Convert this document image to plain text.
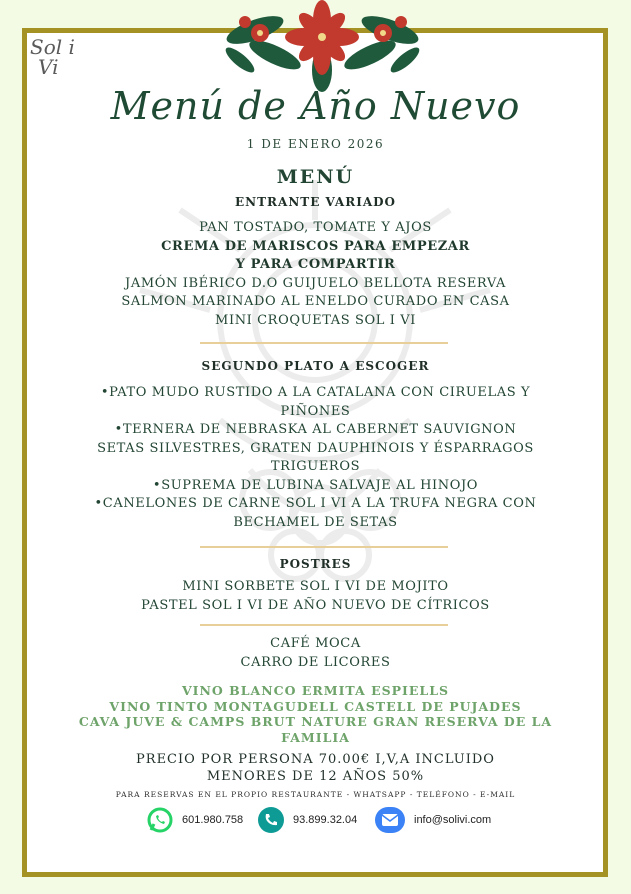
Sol i
Vi
Menú de Año Nuevo
1 DE ENERO 2026
MENÚ
ENTRANTE VARIADO
PAN TOSTADO, TOMATE Y AJOS
CREMA DE MARISCOS PARA EMPEZAR
Y PARA COMPARTIR
JAMÓN IBÉRICO D.O GUIJUELO BELLOTA RESERVA
SALMON MARINADO AL ENELDO CURADO EN CASA
MINI CROQUETAS SOL I VI
SEGUNDO PLATO A ESCOGER
•PATO MUDO RUSTIDO A LA CATALANA CON CIRUELAS Y
PIÑONES
•TERNERA DE NEBRASKA AL CABERNET SAUVIGNON
SETAS SILVESTRES, GRATEN DAUPHINOIS Y ÉSPARRAGOS
TRIGUEROS
•SUPREMA DE LUBINA SALVAJE AL HINOJO
•CANELONES DE CARNE SOL I VI A LA TRUFA NEGRA CON
BECHAMEL DE SETAS
POSTRES
MINI SORBETE SOL I VI DE MOJITO
PASTEL SOL I VI DE AÑO NUEVO DE CÍTRICOS
CAFÉ MOCA
CARRO DE LICORES
VINO BLANCO ERMITA ESPIELLS
VINO TINTO MONTAGUDELL CASTELL DE PUJADES
CAVA JUVE & CAMPS BRUT NATURE GRAN RESERVA DE LA
FAMILIA
PRECIO POR PERSONA 70.00€ I,V,A INCLUIDO
MENORES DE 12 AÑOS 50%
PARA RESERVAS EN EL PROPIO RESTAURANTE - WHATSAPP - TELÉFONO - E-MAIL
601.980.758	93.899.32.04	info@solivi.com
